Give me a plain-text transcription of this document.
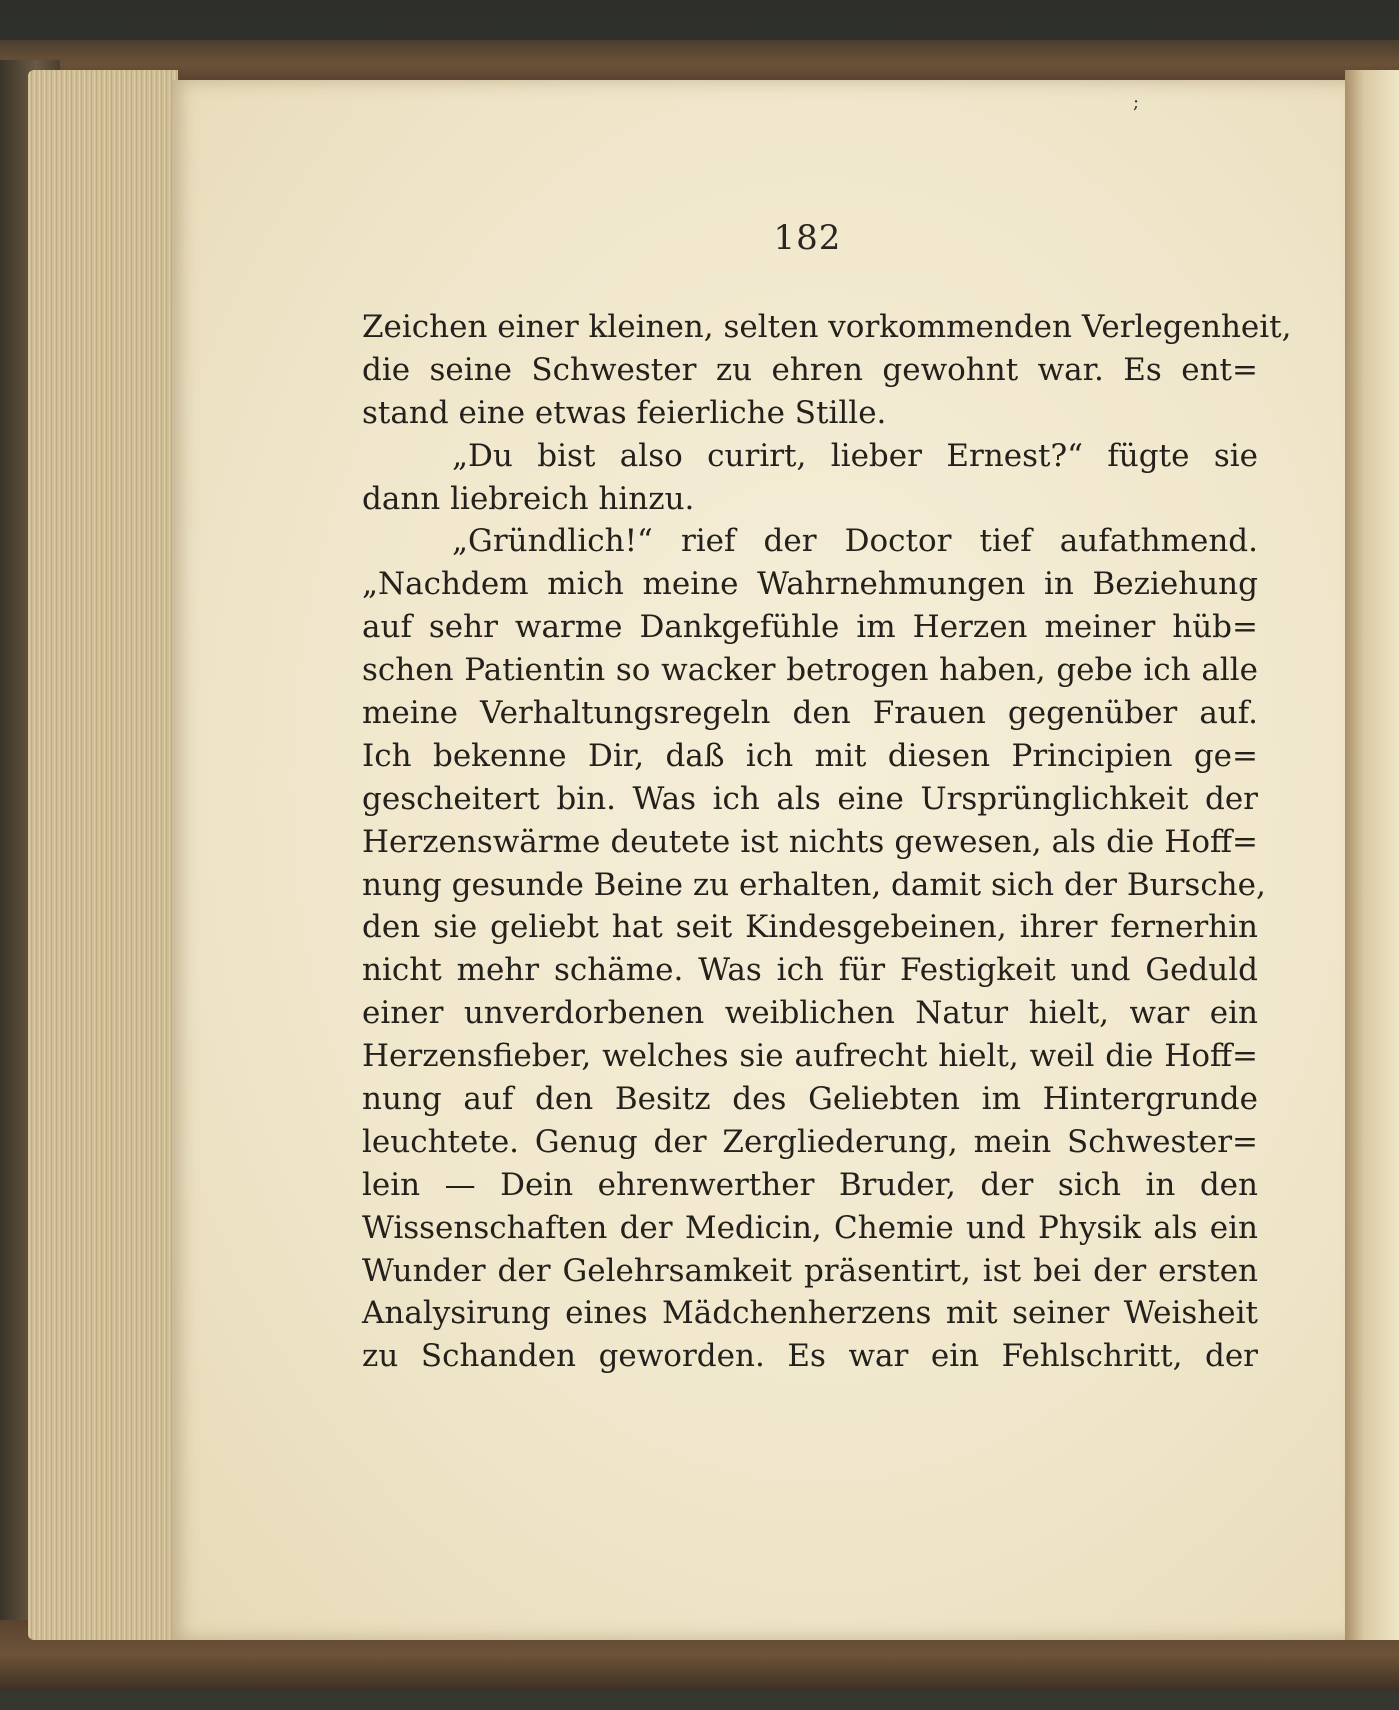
;
182
Zeichen einer kleinen, selten vorkommenden Verlegenheit,
die seine Schwester zu ehren gewohnt war. Es ent=
stand eine etwas feierliche Stille.
„Du bist also curirt, lieber Ernest?“ fügte sie
dann liebreich hinzu.
„Gründlich!“ rief der Doctor tief aufathmend.
„Nachdem mich meine Wahrnehmungen in Beziehung
auf sehr warme Dankgefühle im Herzen meiner hüb=
schen Patientin so wacker betrogen haben, gebe ich alle
meine Verhaltungsregeln den Frauen gegenüber auf.
Ich bekenne Dir, daß ich mit diesen Principien ge=
gescheitert bin. Was ich als eine Ursprünglichkeit der
Herzenswärme deutete ist nichts gewesen, als die Hoff=
nung gesunde Beine zu erhalten, damit sich der Bursche,
den sie geliebt hat seit Kindesgebeinen, ihrer fernerhin
nicht mehr schäme. Was ich für Festigkeit und Geduld
einer unverdorbenen weiblichen Natur hielt, war ein
Herzensfieber, welches sie aufrecht hielt, weil die Hoff=
nung auf den Besitz des Geliebten im Hintergrunde
leuchtete. Genug der Zergliederung, mein Schwester=
lein — Dein ehrenwerther Bruder, der sich in den
Wissenschaften der Medicin, Chemie und Physik als ein
Wunder der Gelehrsamkeit präsentirt, ist bei der ersten
Analysirung eines Mädchenherzens mit seiner Weisheit
zu Schanden geworden. Es war ein Fehlschritt, der
